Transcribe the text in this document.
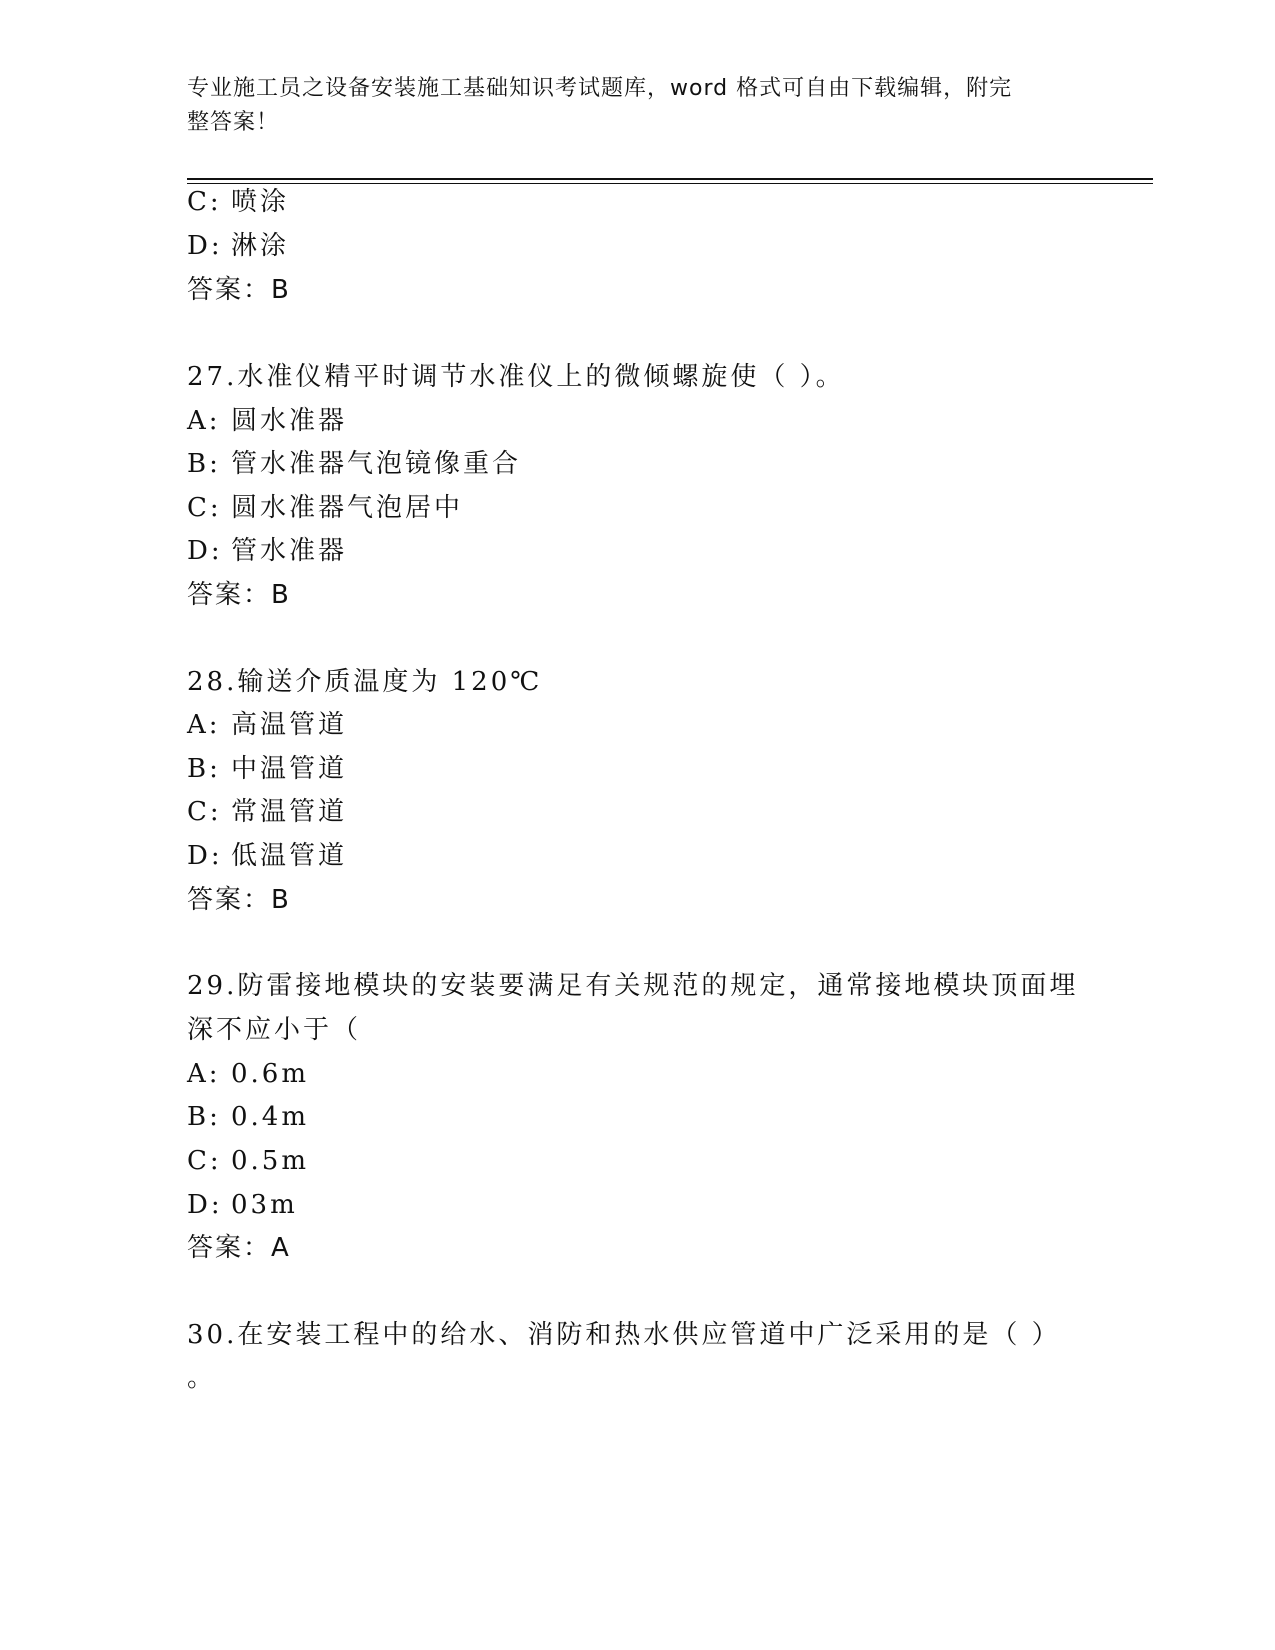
专业施工员之设备安装施工基础知识考试题库，word 格式可自由下载编辑，附完
整答案！
C: 喷涂
D: 淋涂
答案：B
27.水准仪精平时调节水准仪上的微倾螺旋使（ ）。
A: 圆水准器
B: 管水准器气泡镜像重合
C: 圆水准器气泡居中
D: 管水准器
答案：B
28.输送介质温度为 120℃
A: 高温管道
B: 中温管道
C: 常温管道
D: 低温管道
答案：B
29.防雷接地模块的安装要满足有关规范的规定，通常接地模块顶面埋
深不应小于（
A: 0.6m
B: 0.4m
C: 0.5m
D: 03m
答案：A
30.在安装工程中的给水、消防和热水供应管道中广泛采用的是（ ）
。
